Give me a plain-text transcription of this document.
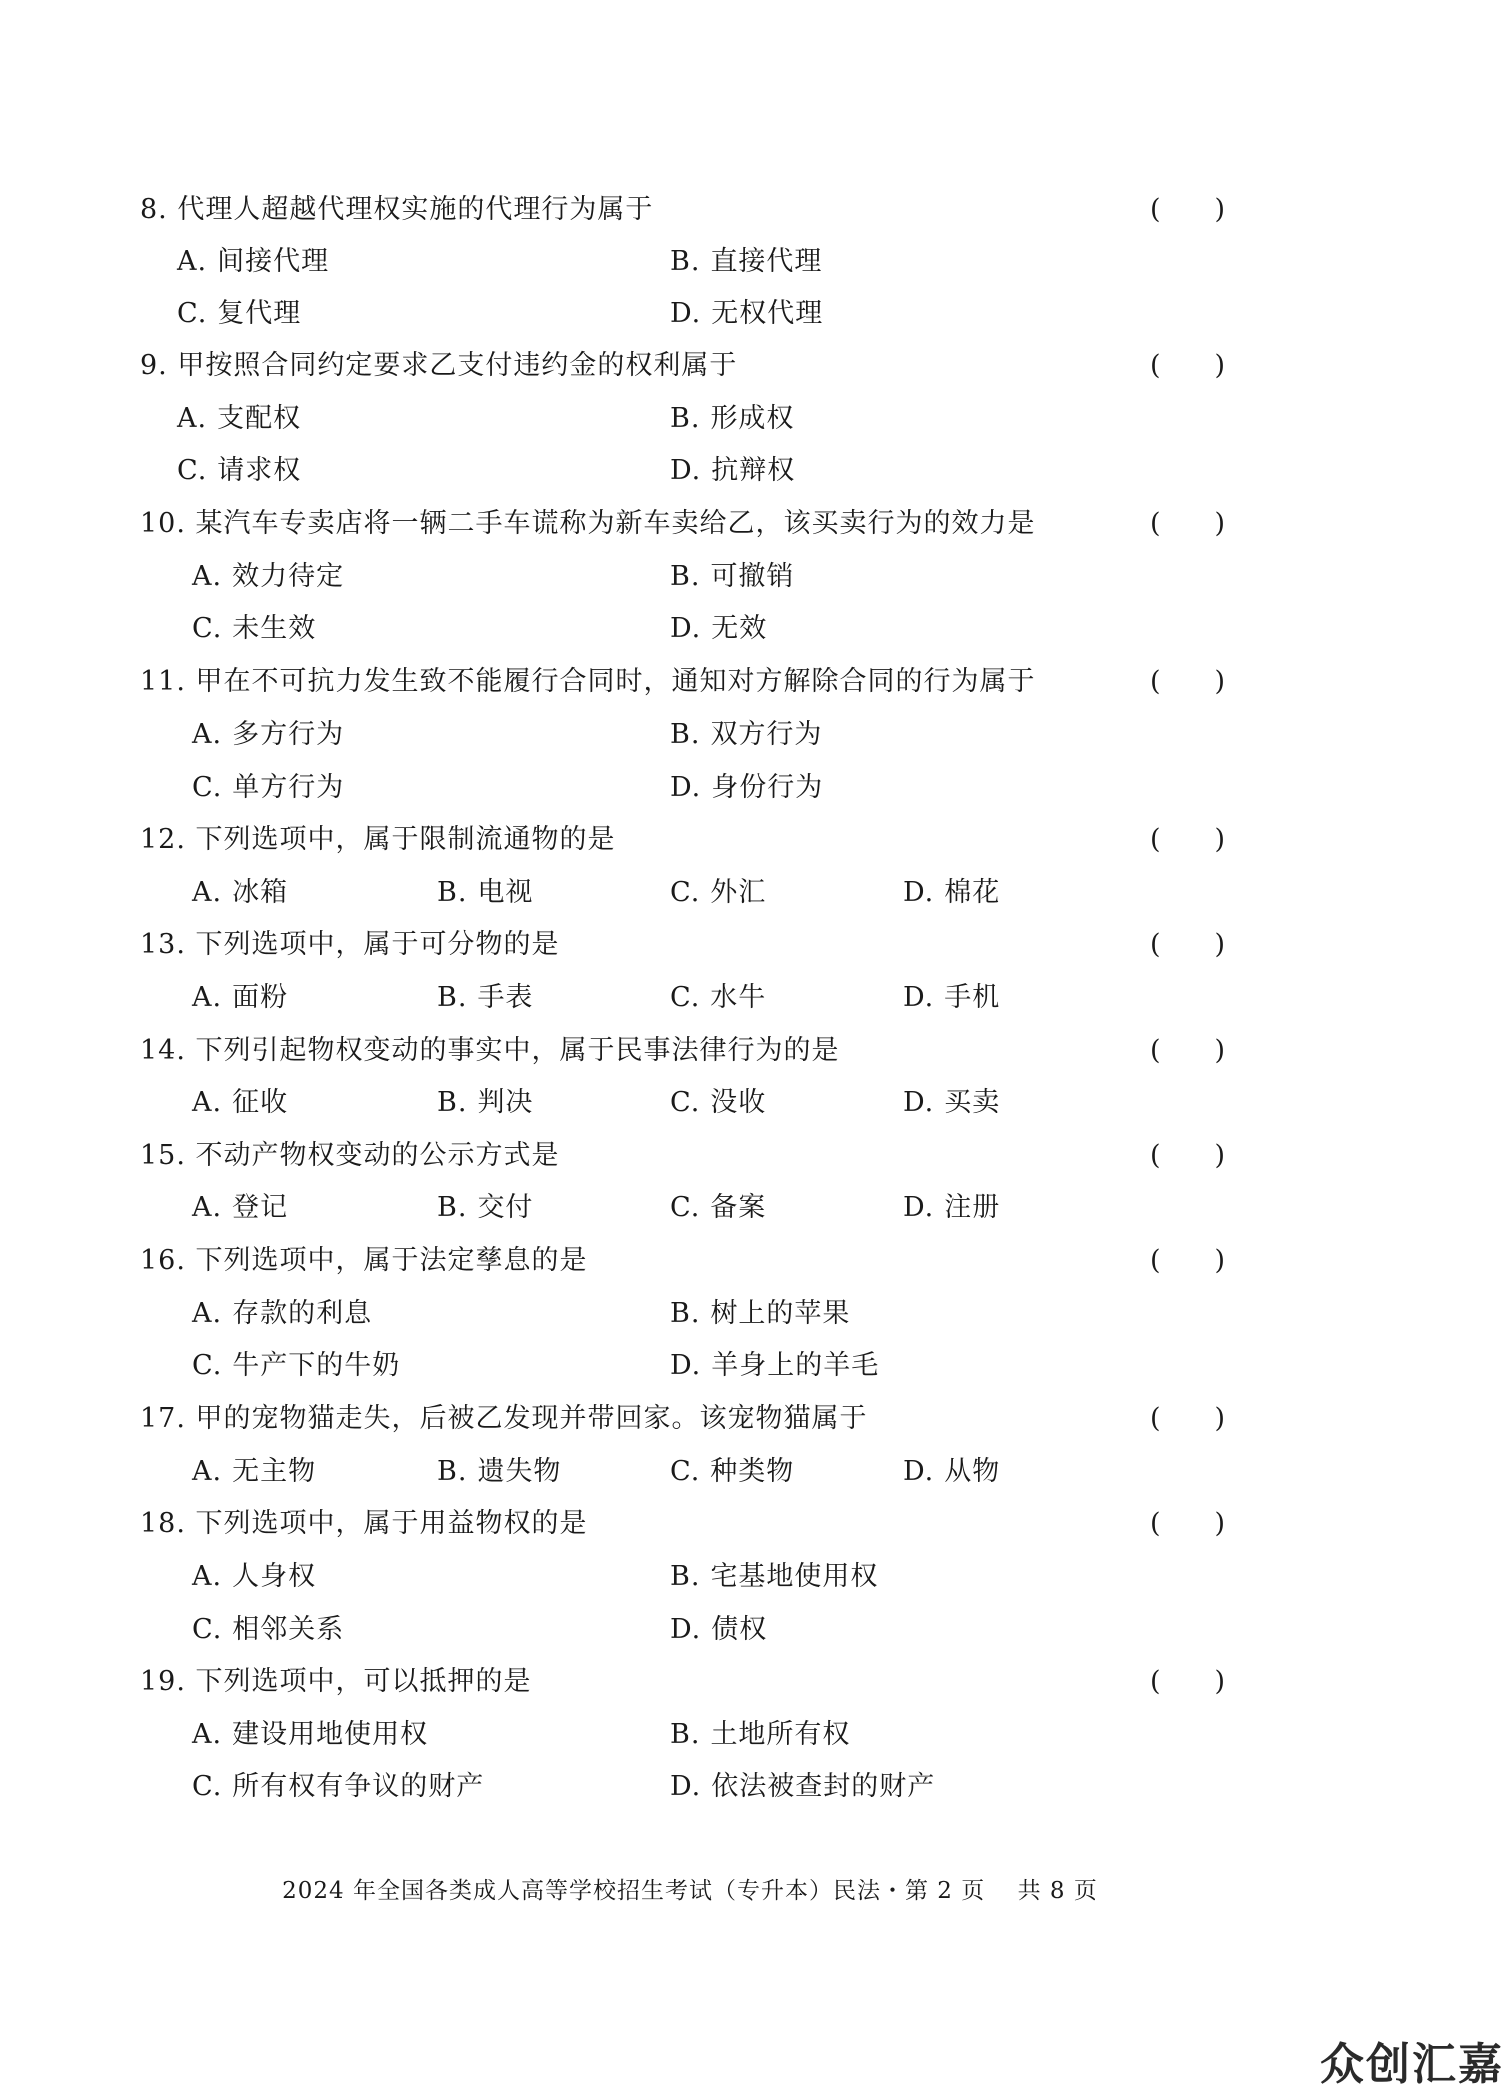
8. 代理人超越代理权实施的代理行为属于	(　　)
A. 间接代理	B. 直接代理
C. 复代理	D. 无权代理
9. 甲按照合同约定要求乙支付违约金的权利属于	(　　)
A. 支配权	B. 形成权
C. 请求权	D. 抗辩权
10. 某汽车专卖店将一辆二手车谎称为新车卖给乙，该买卖行为的效力是	(　　)
A. 效力待定	B. 可撤销
C. 未生效	D. 无效
11. 甲在不可抗力发生致不能履行合同时，通知对方解除合同的行为属于	(　　)
A. 多方行为	B. 双方行为
C. 单方行为	D. 身份行为
12. 下列选项中，属于限制流通物的是	(　　)
A. 冰箱	B. 电视	C. 外汇	D. 棉花
13. 下列选项中，属于可分物的是	(　　)
A. 面粉	B. 手表	C. 水牛	D. 手机
14. 下列引起物权变动的事实中，属于民事法律行为的是	(　　)
A. 征收	B. 判决	C. 没收	D. 买卖
15. 不动产物权变动的公示方式是	(　　)
A. 登记	B. 交付	C. 备案	D. 注册
16. 下列选项中，属于法定孳息的是	(　　)
A. 存款的利息	B. 树上的苹果
C. 牛产下的牛奶	D. 羊身上的羊毛
17. 甲的宠物猫走失，后被乙发现并带回家。该宠物猫属于	(　　)
A. 无主物	B. 遗失物	C. 种类物	D. 从物
18. 下列选项中，属于用益物权的是	(　　)
A. 人身权	B. 宅基地使用权
C. 相邻关系	D. 债权
19. 下列选项中，可以抵押的是	(　　)
A. 建设用地使用权	B. 土地所有权
C. 所有权有争议的财产	D. 依法被查封的财产
2024 年全国各类成人高等学校招生考试（专升本）民法・第 2 页　 共 8 页
众创汇嘉
